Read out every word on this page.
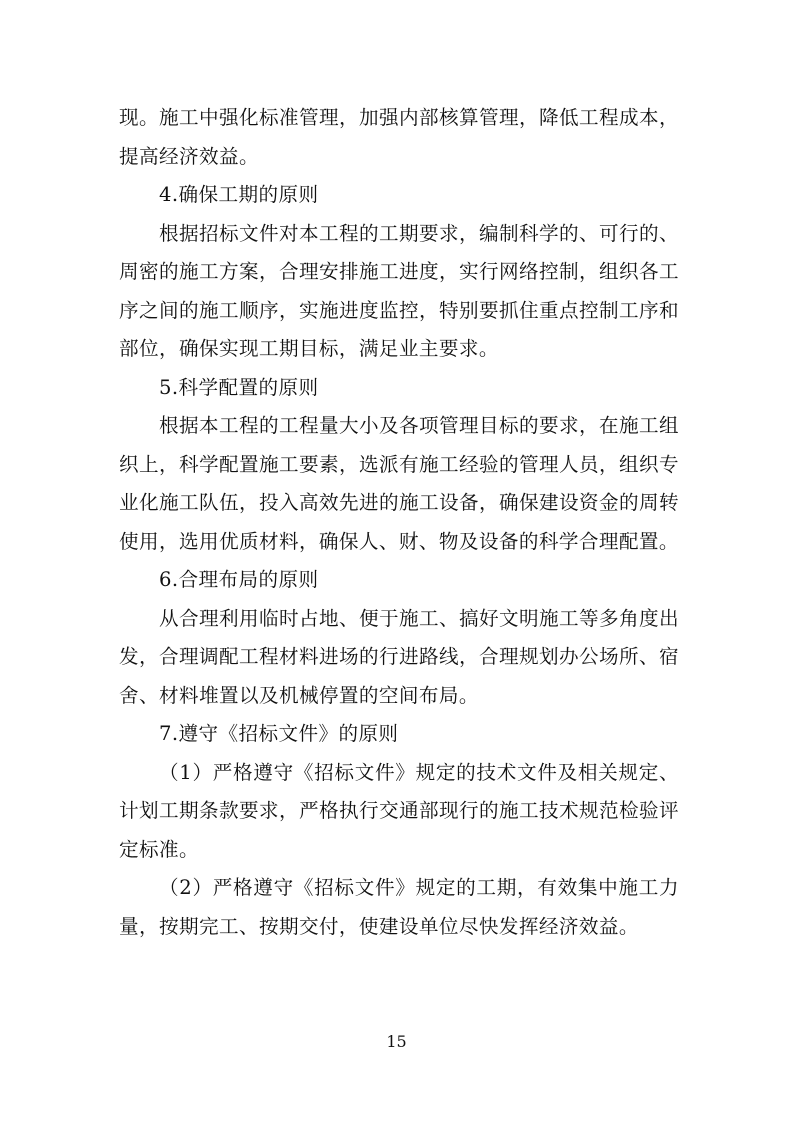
现。施工中强化标准管理，加强内部核算管理，降低工程成本，提高经济效益。

4.确保工期的原则

根据招标文件对本工程的工期要求，编制科学的、可行的、周密的施工方案，合理安排施工进度，实行网络控制，组织各工序之间的施工顺序，实施进度监控，特别要抓住重点控制工序和部位，确保实现工期目标，满足业主要求。

5.科学配置的原则

根据本工程的工程量大小及各项管理目标的要求，在施工组织上，科学配置施工要素，选派有施工经验的管理人员，组织专业化施工队伍，投入高效先进的施工设备，确保建设资金的周转使用，选用优质材料，确保人、财、物及设备的科学合理配置。

6.合理布局的原则

从合理利用临时占地、便于施工、搞好文明施工等多角度出发，合理调配工程材料进场的行进路线，合理规划办公场所、宿舍、材料堆置以及机械停置的空间布局。

7.遵守《招标文件》的原则

（1）严格遵守《招标文件》规定的技术文件及相关规定、计划工期条款要求，严格执行交通部现行的施工技术规范检验评定标准。

（2）严格遵守《招标文件》规定的工期，有效集中施工力量，按期完工、按期交付，使建设单位尽快发挥经济效益。

15
